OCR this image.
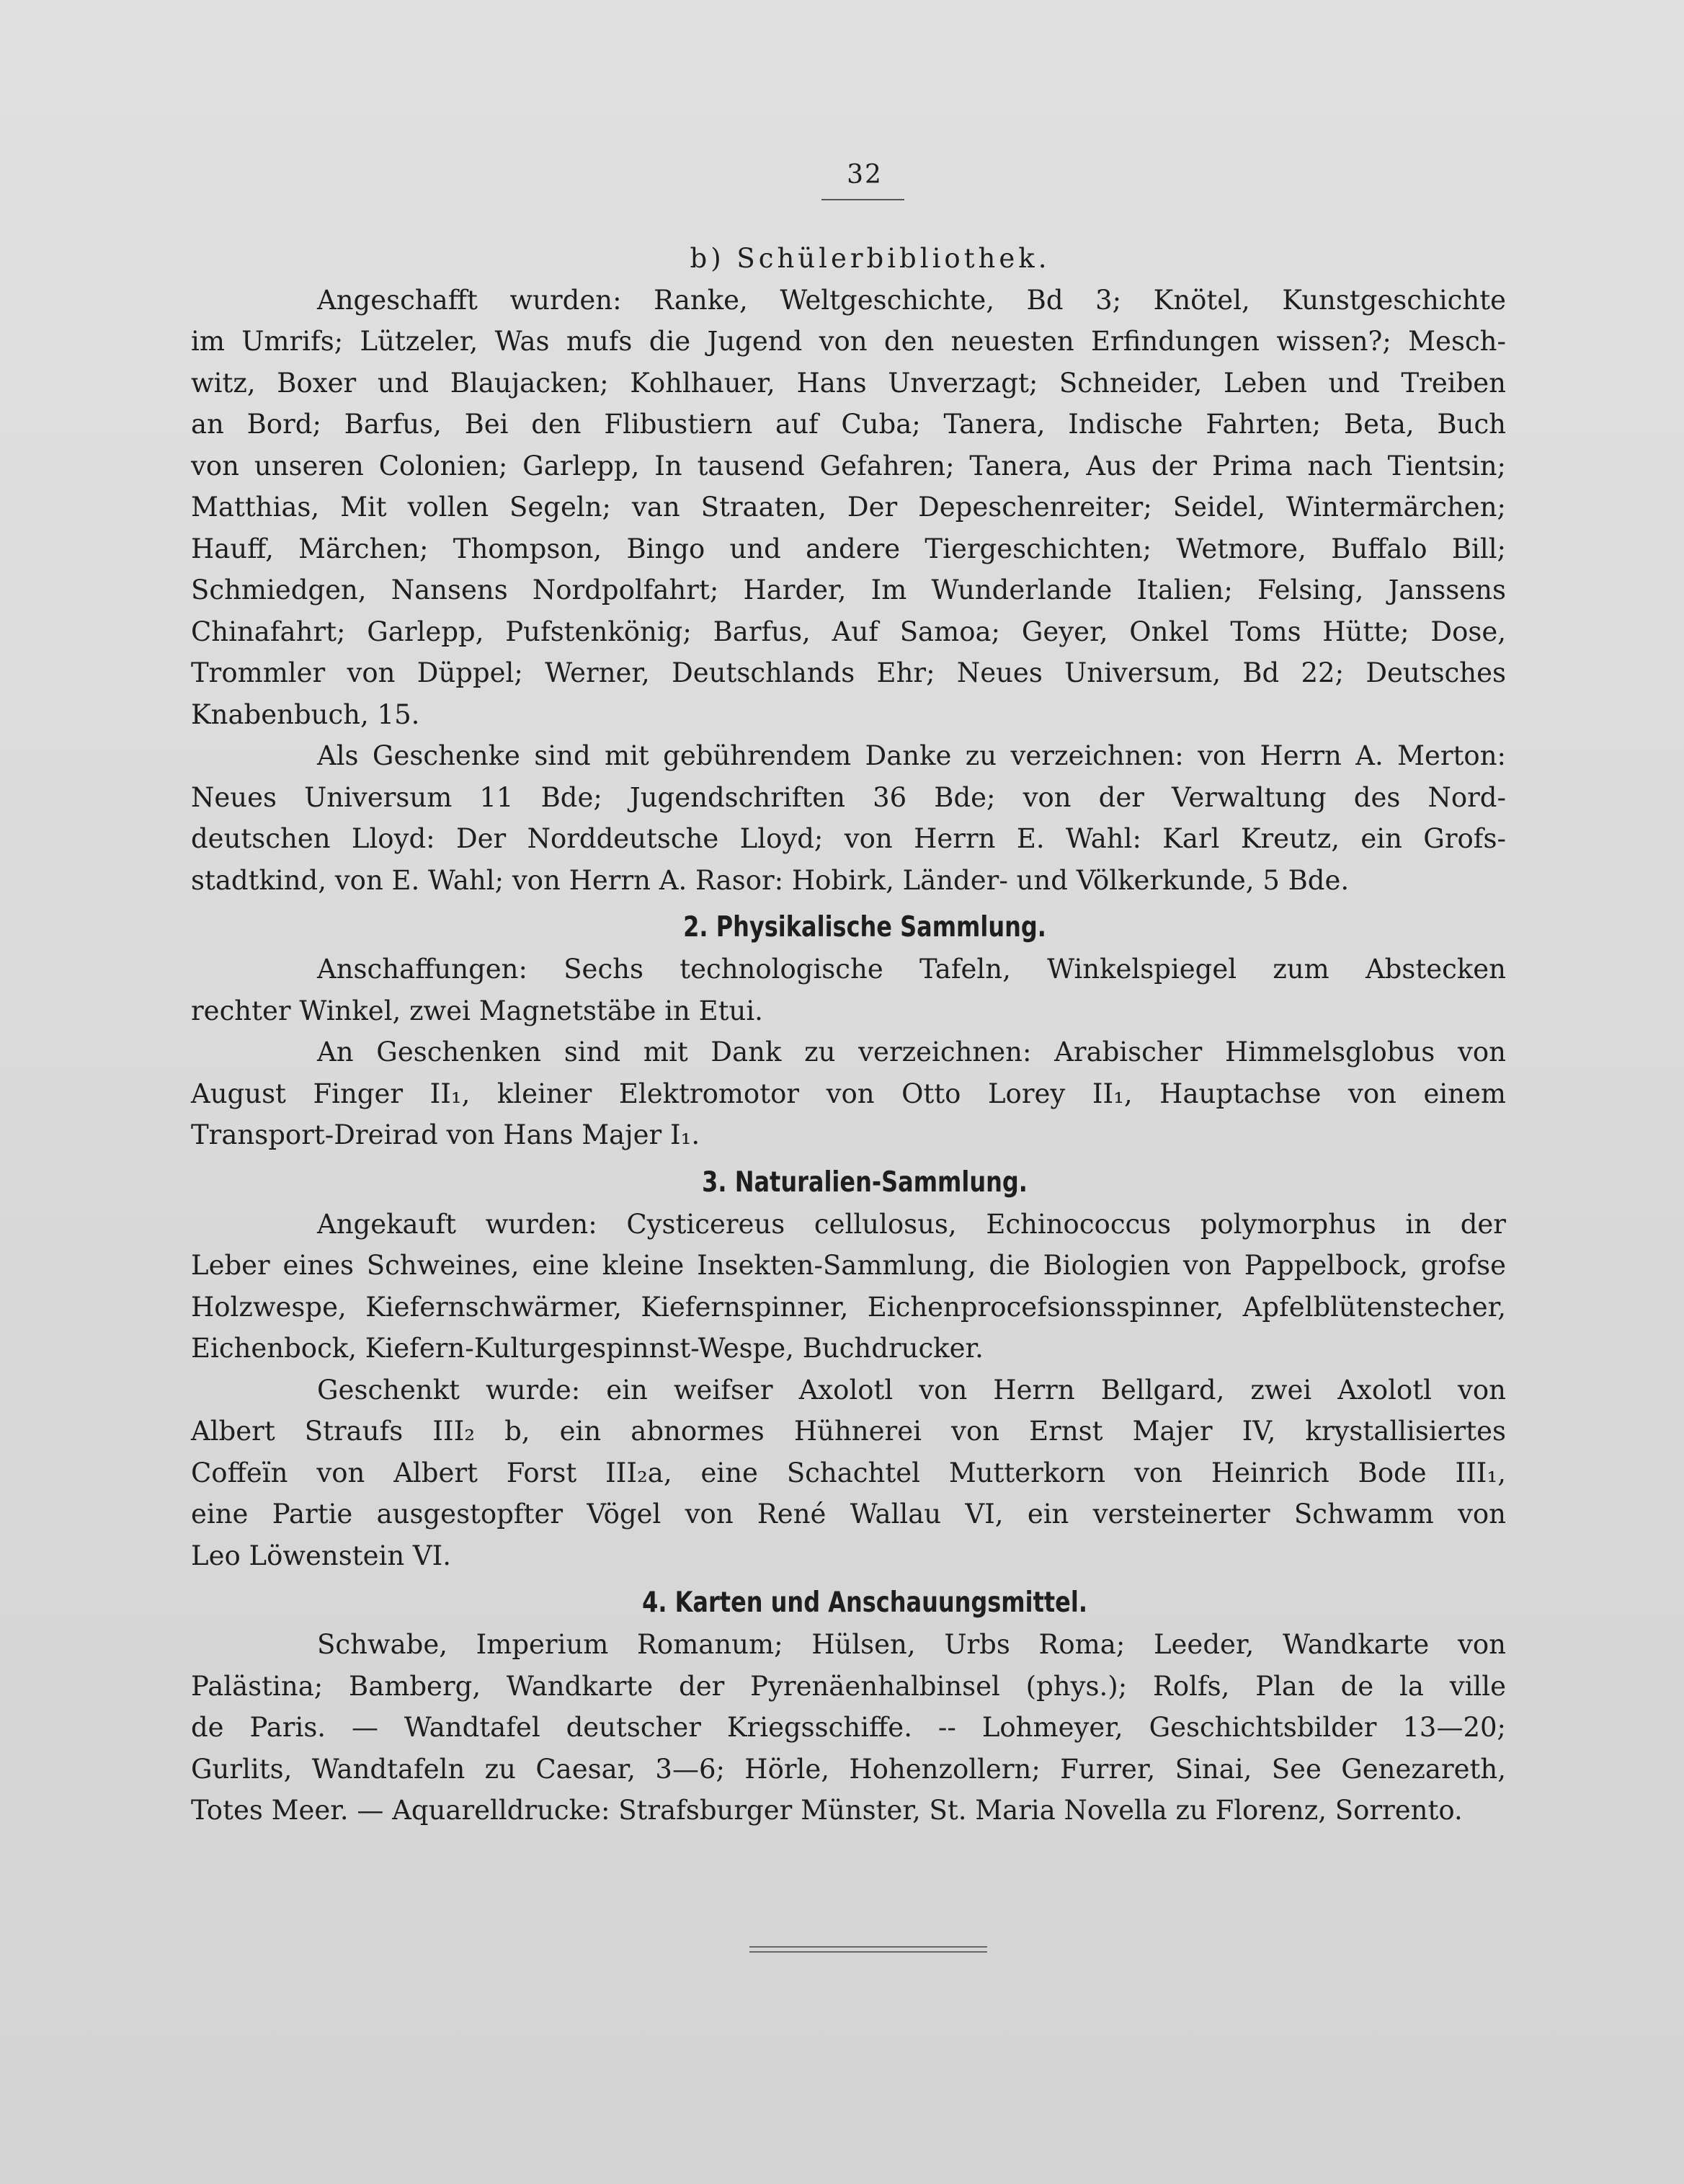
32
b) Schülerbibliothek.
Angeschafft wurden: Ranke, Weltgeschichte, Bd 3; Knötel, Kunstgeschichte
im Umrifs; Lützeler, Was mufs die Jugend von den neuesten Erfindungen wissen?; Mesch-
witz, Boxer und Blaujacken; Kohlhauer, Hans Unverzagt; Schneider, Leben und Treiben
an Bord; Barfus, Bei den Flibustiern auf Cuba; Tanera, Indische Fahrten; Beta, Buch
von unseren Colonien; Garlepp, In tausend Gefahren; Tanera, Aus der Prima nach Tientsin;
Matthias, Mit vollen Segeln; van Straaten, Der Depeschenreiter; Seidel, Wintermärchen;
Hauff, Märchen; Thompson, Bingo und andere Tiergeschichten; Wetmore, Buffalo Bill;
Schmiedgen, Nansens Nordpolfahrt; Harder, Im Wunderlande Italien; Felsing, Janssens
Chinafahrt; Garlepp, Pufstenkönig; Barfus, Auf Samoa; Geyer, Onkel Toms Hütte; Dose,
Trommler von Düppel; Werner, Deutschlands Ehr; Neues Universum, Bd 22; Deutsches
Knabenbuch, 15.
Als Geschenke sind mit gebührendem Danke zu verzeichnen: von Herrn A. Merton:
Neues Universum 11 Bde; Jugendschriften 36 Bde; von der Verwaltung des Nord-
deutschen Lloyd: Der Norddeutsche Lloyd; von Herrn E. Wahl: Karl Kreutz, ein Grofs-
stadtkind, von E. Wahl; von Herrn A. Rasor: Hobirk, Länder- und Völkerkunde, 5 Bde.
2. Physikalische Sammlung.
Anschaffungen: Sechs technologische Tafeln, Winkelspiegel zum Abstecken
rechter Winkel, zwei Magnetstäbe in Etui.
An Geschenken sind mit Dank zu verzeichnen: Arabischer Himmelsglobus von
August Finger II₁, kleiner Elektromotor von Otto Lorey II₁, Hauptachse von einem
Transport-Dreirad von Hans Majer I₁.
3. Naturalien-Sammlung.
Angekauft wurden: Cysticereus cellulosus, Echinococcus polymorphus in der
Leber eines Schweines, eine kleine Insekten-Sammlung, die Biologien von Pappelbock, grofse
Holzwespe, Kiefernschwärmer, Kiefernspinner, Eichenprocefsionsspinner, Apfelblütenstecher,
Eichenbock, Kiefern-Kulturgespinnst-Wespe, Buchdrucker.
Geschenkt wurde: ein weifser Axolotl von Herrn Bellgard, zwei Axolotl von
Albert Straufs III₂ b, ein abnormes Hühnerei von Ernst Majer IV, krystallisiertes
Coffeïn von Albert Forst III₂a, eine Schachtel Mutterkorn von Heinrich Bode III₁,
eine Partie ausgestopfter Vögel von René Wallau VI, ein versteinerter Schwamm von
Leo Löwenstein VI.
4. Karten und Anschauungsmittel.
Schwabe, Imperium Romanum; Hülsen, Urbs Roma; Leeder, Wandkarte von
Palästina; Bamberg, Wandkarte der Pyrenäenhalbinsel (phys.); Rolfs, Plan de la ville
de Paris. — Wandtafel deutscher Kriegsschiffe. -- Lohmeyer, Geschichtsbilder 13—20;
Gurlits, Wandtafeln zu Caesar, 3—6; Hörle, Hohenzollern; Furrer, Sinai, See Genezareth,
Totes Meer. — Aquarelldrucke: Strafsburger Münster, St. Maria Novella zu Florenz, Sorrento.
